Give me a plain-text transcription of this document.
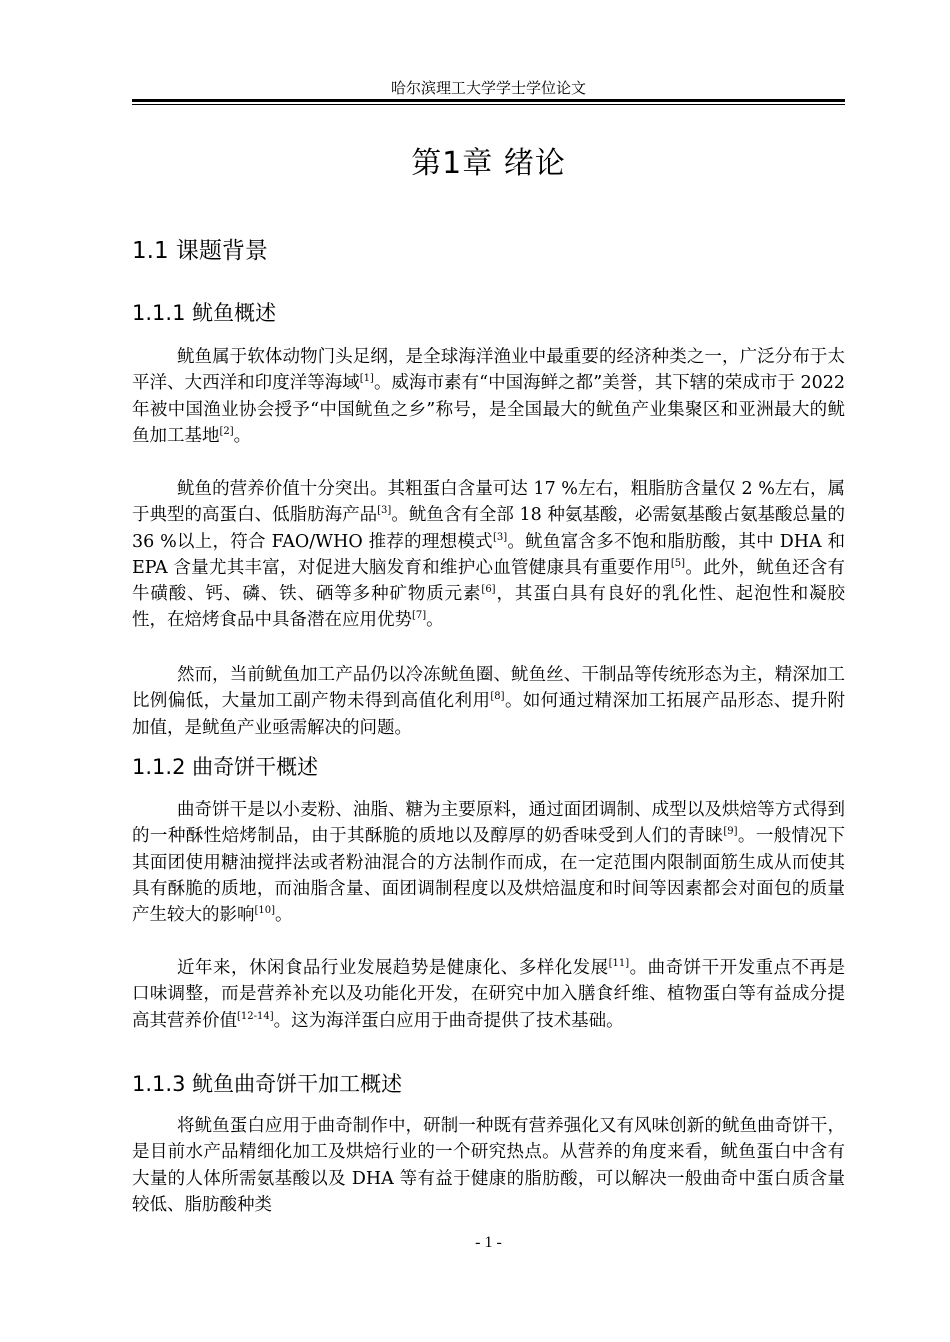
哈尔滨理工大学学士学位论文
第1章 绪论
1.1 课题背景
1.1.1 鱿鱼概述

鱿鱼属于软体动物门头足纲，是全球海洋渔业中最重要的经济种类之一，广泛分布于太平洋、大西洋和印度洋等海域[1]。威海市素有“中国海鲜之都”美誉，其下辖的荣成市于 2022 年被中国渔业协会授予“中国鱿鱼之乡”称号，是全国最大的鱿鱼产业集聚区和亚洲最大的鱿鱼加工基地[2]。

鱿鱼的营养价值十分突出。其粗蛋白含量可达 17 %左右，粗脂肪含量仅 2 %左右，属于典型的高蛋白、低脂肪海产品[3]。鱿鱼含有全部 18 种氨基酸，必需氨基酸占氨基酸总量的 36 %以上，符合 FAO/WHO 推荐的理想模式[3]。鱿鱼富含多不饱和脂肪酸，其中 DHA 和 EPA 含量尤其丰富，对促进大脑发育和维护心血管健康具有重要作用[5]。此外，鱿鱼还含有牛磺酸、钙、磷、铁、硒等多种矿物质元素[6]，其蛋白具有良好的乳化性、起泡性和凝胶性，在焙烤食品中具备潜在应用优势[7]。

然而，当前鱿鱼加工产品仍以冷冻鱿鱼圈、鱿鱼丝、干制品等传统形态为主，精深加工比例偏低，大量加工副产物未得到高值化利用[8]。如何通过精深加工拓展产品形态、提升附加值，是鱿鱼产业亟需解决的问题。

1.1.2 曲奇饼干概述

曲奇饼干是以小麦粉、油脂、糖为主要原料，通过面团调制、成型以及烘焙等方式得到的一种酥性焙烤制品，由于其酥脆的质地以及醇厚的奶香味受到人们的青睐[9]。一般情况下其面团使用糖油搅拌法或者粉油混合的方法制作而成，在一定范围内限制面筋生成从而使其具有酥脆的质地，而油脂含量、面团调制程度以及烘焙温度和时间等因素都会对面包的质量产生较大的影响[10]。

近年来，休闲食品行业发展趋势是健康化、多样化发展[11]。曲奇饼干开发重点不再是口味调整，而是营养补充以及功能化开发，在研究中加入膳食纤维、植物蛋白等有益成分提高其营养价值[12-14]。这为海洋蛋白应用于曲奇提供了技术基础。

1.1.3 鱿鱼曲奇饼干加工概述

将鱿鱼蛋白应用于曲奇制作中，研制一种既有营养强化又有风味创新的鱿鱼曲奇饼干，是目前水产品精细化加工及烘焙行业的一个研究热点。从营养的角度来看，鱿鱼蛋白中含有大量的人体所需氨基酸以及 DHA 等有益于健康的脂肪酸，可以解决一般曲奇中蛋白质含量较低、脂肪酸种类

- 1 -
